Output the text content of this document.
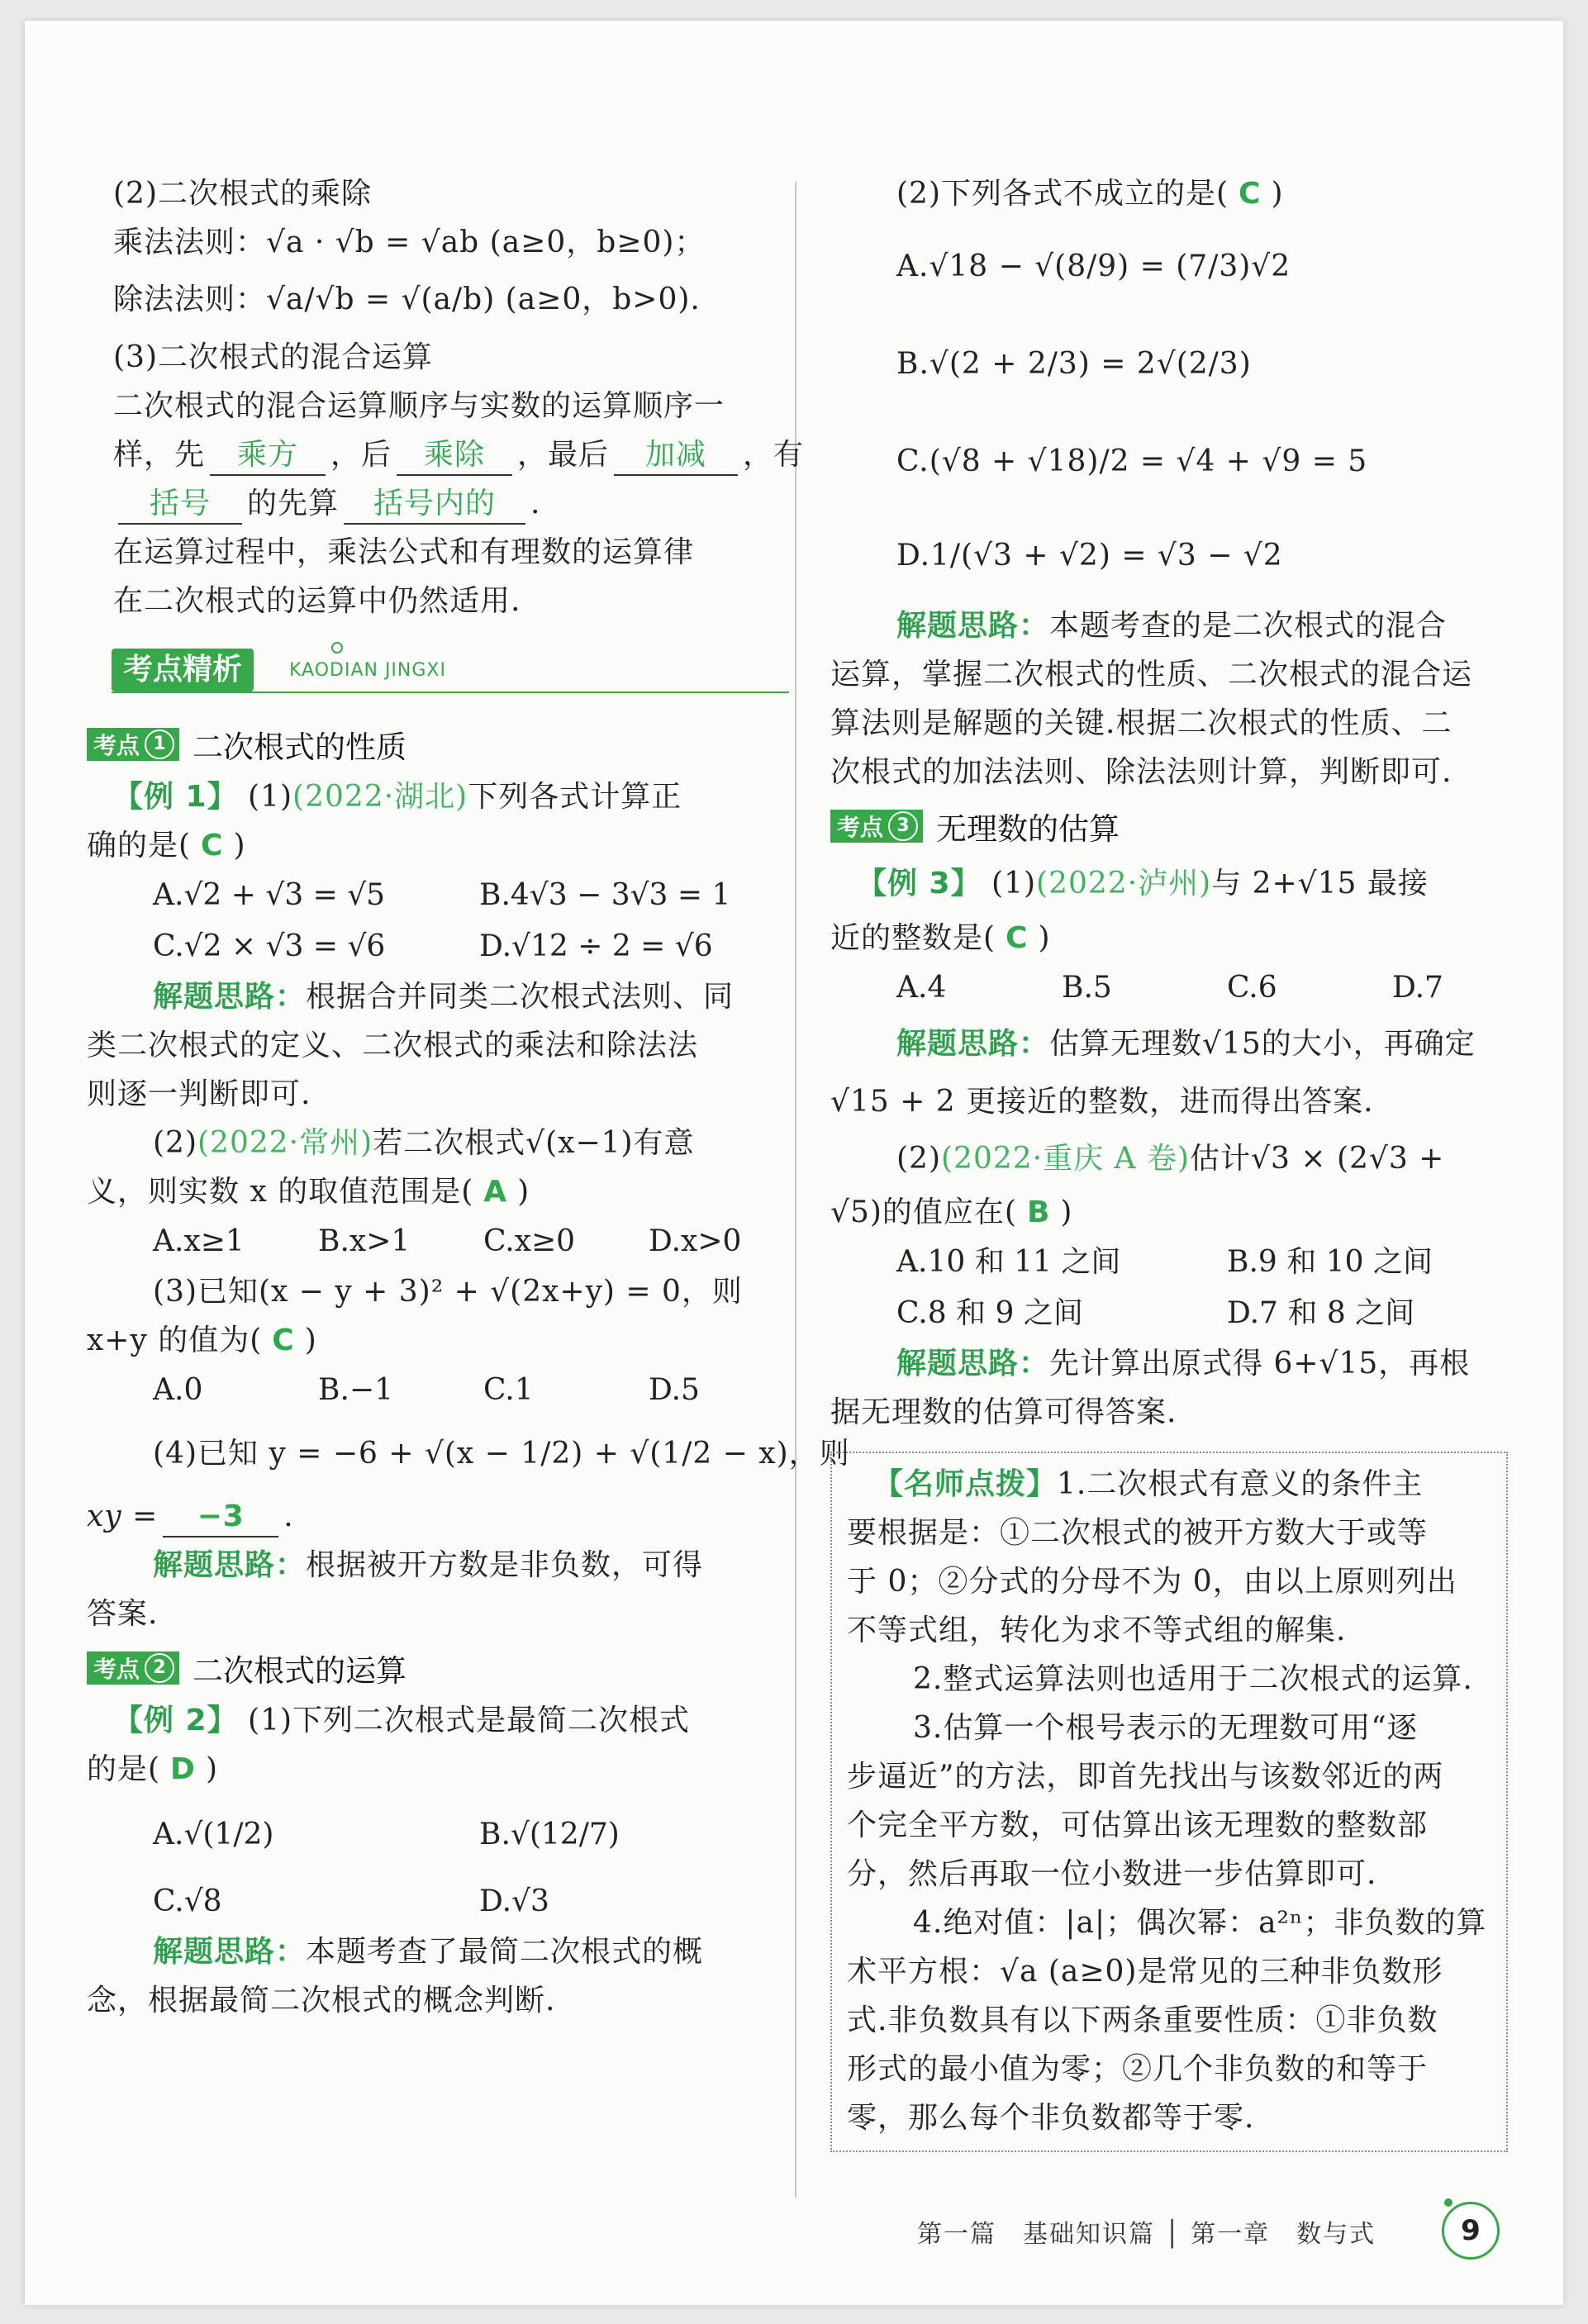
(2)二次根式的乘除
乘法法则：√a · √b = √ab (a≥0，b≥0)；
除法法则：√a/√b = √(a/b) (a≥0，b>0).
(3)二次根式的混合运算
二次根式的混合运算顺序与实数的运算顺序一
样，先 乘方 ，后 乘除 ，最后 加减 ，有
括号 的先算 括号内的 .
在运算过程中，乘法公式和有理数的运算律
在二次根式的运算中仍然适用.
考点精析	KAODIAN JINGXI
考点 1 二次根式的性质
【例 1】 (1)(2022·湖北)下列各式计算正
确的是( C )
A.√2 + √3 = √5	B.4√3 − 3√3 = 1
C.√2 × √3 = √6	D.√12 ÷ 2 = √6
解题思路：根据合并同类二次根式法则、同
类二次根式的定义、二次根式的乘法和除法法
则逐一判断即可.
(2)(2022·常州)若二次根式√(x−1)有意
义，则实数 x 的取值范围是( A )
A.x≥1	B.x>1	C.x≥0	D.x>0
(3)已知(x − y + 3)² + √(2x+y) = 0，则
x+y 的值为( C )
A.0	B.−1	C.1	D.5
(4)已知 y = −6 + √(x − 1/2) + √(1/2 − x)，则
xy = −3 .
解题思路：根据被开方数是非负数，可得
答案.
考点 2 二次根式的运算
【例 2】 (1)下列二次根式是最简二次根式
的是( D )
A.√(1/2)	B.√(12/7)
C.√8	D.√3
解题思路：本题考查了最简二次根式的概
念，根据最简二次根式的概念判断.
(2)下列各式不成立的是( C )
A.√18 − √(8/9) = (7/3)√2
B.√(2 + 2/3) = 2√(2/3)
C.(√8 + √18)/2 = √4 + √9 = 5
D.1/(√3 + √2) = √3 − √2
解题思路：本题考查的是二次根式的混合
运算，掌握二次根式的性质、二次根式的混合运
算法则是解题的关键.根据二次根式的性质、二
次根式的加法法则、除法法则计算，判断即可.
考点 3 无理数的估算
【例 3】 (1)(2022·泸州)与 2+√15 最接
近的整数是( C )
A.4	B.5	C.6	D.7
解题思路：估算无理数√15的大小，再确定
√15 + 2 更接近的整数，进而得出答案.
(2)(2022·重庆 A 卷)估计√3 × (2√3 +
√5)的值应在( B )
A.10 和 11 之间	B.9 和 10 之间
C.8 和 9 之间	D.7 和 8 之间
解题思路：先计算出原式得 6+√15，再根
据无理数的估算可得答案.
【名师点拨】1.二次根式有意义的条件主
要根据是：①二次根式的被开方数大于或等
于 0；②分式的分母不为 0，由以上原则列出
不等式组，转化为求不等式组的解集.
2.整式运算法则也适用于二次根式的运算.
3.估算一个根号表示的无理数可用“逐
步逼近”的方法，即首先找出与该数邻近的两
个完全平方数，可估算出该无理数的整数部
分，然后再取一位小数进一步估算即可.
4.绝对值：|a|；偶次幂：a²ⁿ；非负数的算
术平方根：√a (a≥0)是常见的三种非负数形
式.非负数具有以下两条重要性质：①非负数
形式的最小值为零；②几个非负数的和等于
零，那么每个非负数都等于零.
第一篇　基础知识篇 │ 第一章　数与式	9
